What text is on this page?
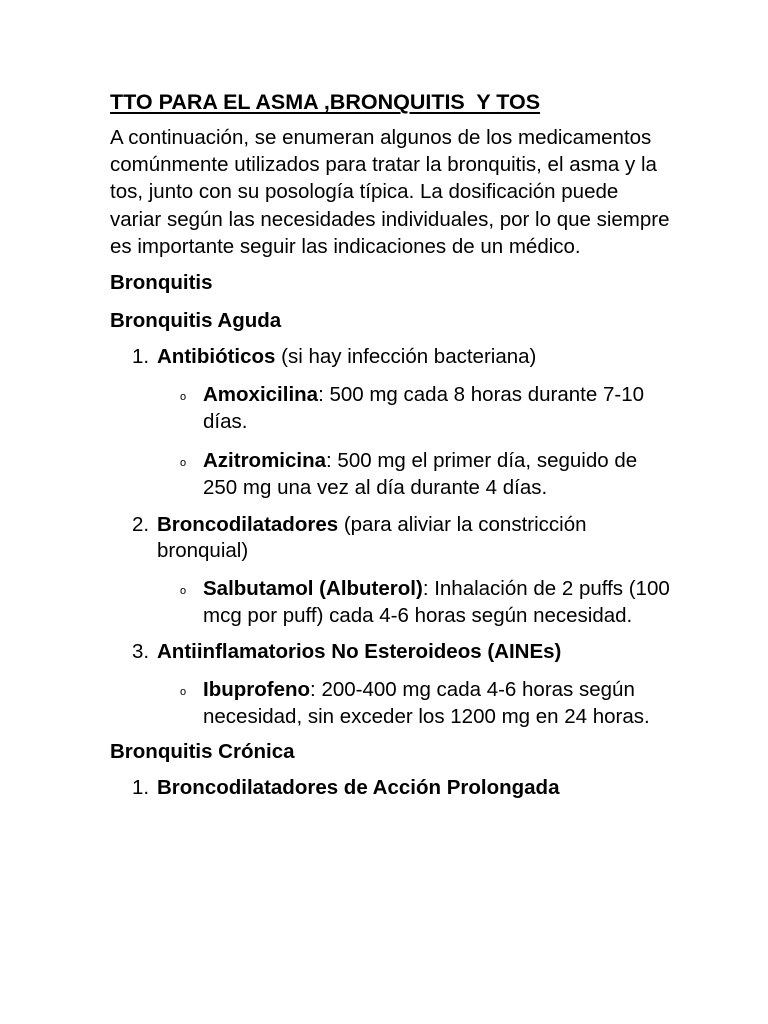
TTO PARA EL ASMA ,BRONQUITIS  Y TOS

A continuación, se enumeran algunos de los medicamentos comúnmente utilizados para tratar la bronquitis, el asma y la tos, junto con su posología típica. La dosificación puede variar según las necesidades individuales, por lo que siempre es importante seguir las indicaciones de un médico.

Bronquitis
Bronquitis Aguda
1. Antibióticos (si hay infección bacteriana)
o Amoxicilina: 500 mg cada 8 horas durante 7-10 días.
o Azitromicina: 500 mg el primer día, seguido de 250 mg una vez al día durante 4 días.
2. Broncodilatadores (para aliviar la constricción bronquial)
o Salbutamol (Albuterol): Inhalación de 2 puffs (100 mcg por puff) cada 4-6 horas según necesidad.
3. Antiinflamatorios No Esteroideos (AINEs)
o Ibuprofeno: 200-400 mg cada 4-6 horas según necesidad, sin exceder los 1200 mg en 24 horas.
Bronquitis Crónica
1. Broncodilatadores de Acción Prolongada
